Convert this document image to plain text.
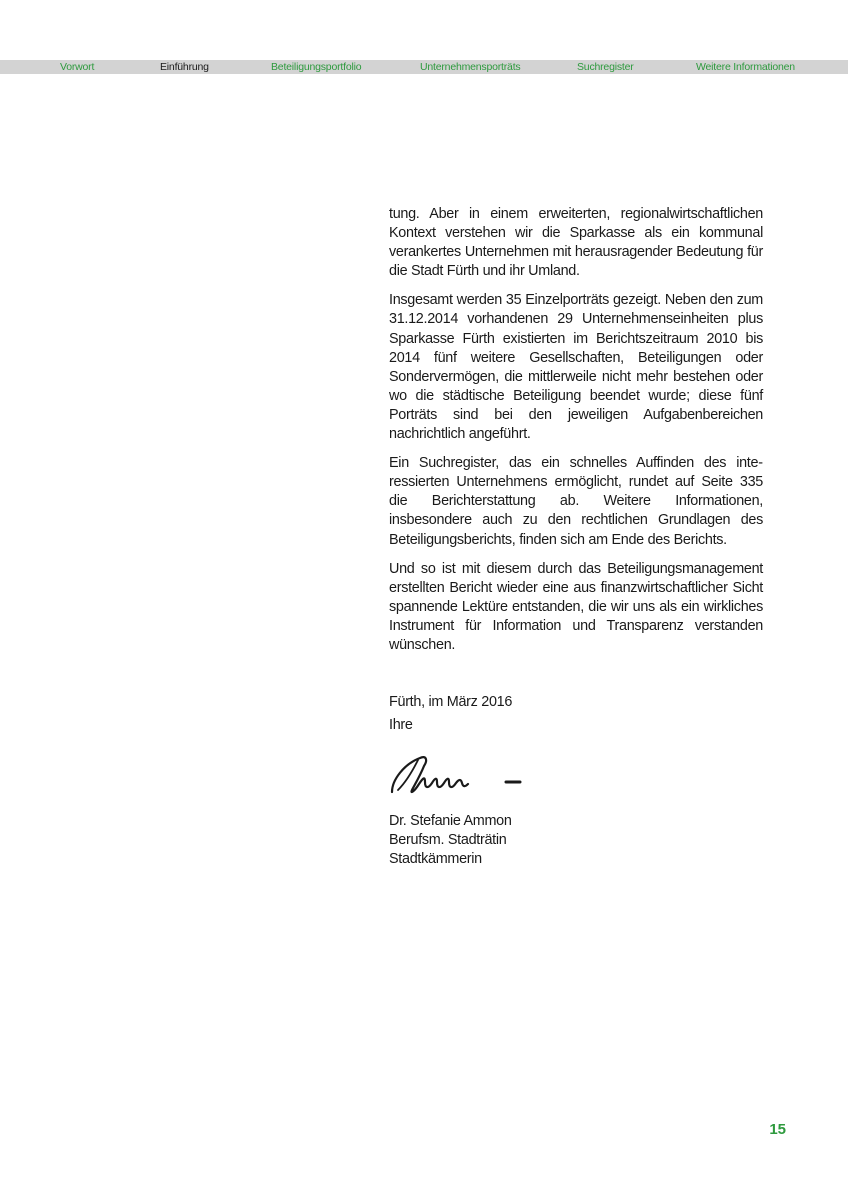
Vorwort	Einführung	Beteiligungsportfolio	Unternehmensporträts	Suchregister	Weitere Informationen

tung. Aber in einem erweiterten, regionalwirtschaftlichen Kontext verstehen wir die Sparkasse als ein kommunal verankertes Unternehmen mit herausragender Bedeutung für die Stadt Fürth und ihr Umland.

Insgesamt werden 35 Einzelporträts gezeigt. Neben den zum 31.12.2014 vorhandenen 29 Unternehmenseinheiten plus Sparkasse Fürth existierten im Berichtszeitraum 2010 bis 2014 fünf weitere Gesellschaften, Beteiligungen oder Sondervermögen, die mittlerweile nicht mehr bestehen oder wo die städtische Beteiligung beendet wurde; diese fünf Porträts sind bei den jeweiligen Aufgabenbereichen nachrichtlich angeführt.

Ein Suchregister, das ein schnelles Auffinden des interessierten Unternehmens ermöglicht, rundet auf Seite 335 die Berichterstattung ab. Weitere Informationen, insbesondere auch zu den rechtlichen Grundlagen des Beteiligungsberichts, finden sich am Ende des Berichts.

Und so ist mit diesem durch das Beteiligungsmanagement erstellten Bericht wieder eine aus finanzwirtschaftlicher Sicht spannende Lektüre entstanden, die wir uns als ein wirkliches Instrument für Information und Transparenz verstanden wünschen.

Fürth, im März 2016
Ihre
Dr. Stefanie Ammon
Berufsm. Stadträtin
Stadtkämmerin
15
